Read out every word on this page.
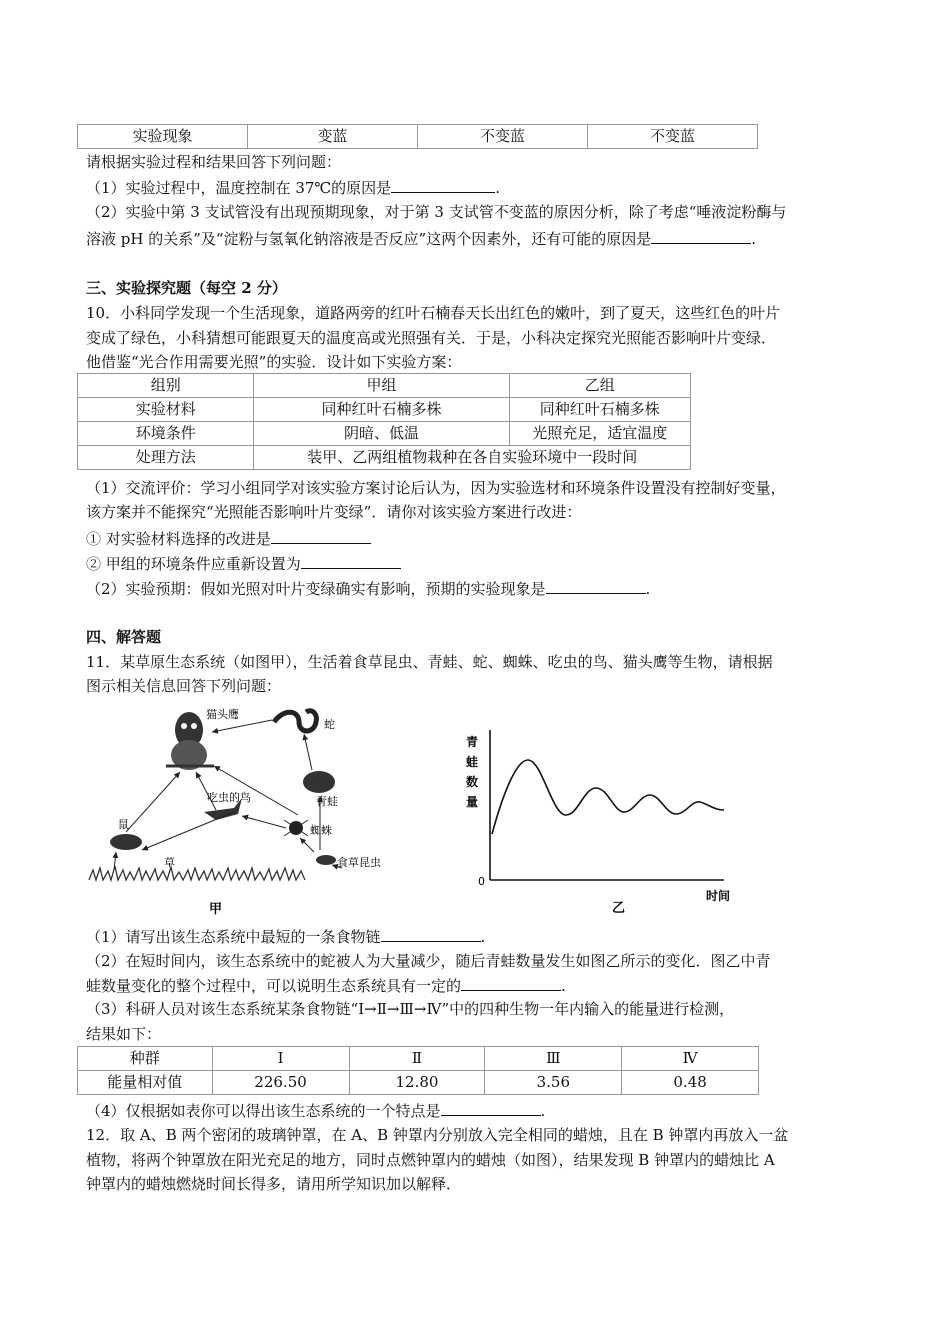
实验现象	变蓝	不变蓝	不变蓝
请根据实验过程和结果回答下列问题：
（1）实验过程中，温度控制在 37℃的原因是	.
（2）实验中第 3 支试管没有出现预期现象，对于第 3 支试管不变蓝的原因分析，除了考虑“唾液淀粉酶与
溶液 pH 的关系”及“淀粉与氢氧化钠溶液是否反应”这两个因素外，还有可能的原因是	.
三、实验探究题（每空 2 分）
10．小科同学发现一个生活现象，道路两旁的红叶石楠春天长出红色的嫩叶，到了夏天，这些红色的叶片
变成了绿色，小科猜想可能跟夏天的温度高或光照强有关．于是，小科决定探究光照能否影响叶片变绿．
他借鉴“光合作用需要光照”的实验．设计如下实验方案：
组别	甲组	乙组
实验材料	同种红叶石楠多株	同种红叶石楠多株
环境条件	阴暗、低温	光照充足，适宜温度
处理方法	装甲、乙两组植物栽种在各自实验环境中一段时间	
（1）交流评价：学习小组同学对该实验方案讨论后认为，因为实验选材和环境条件设置没有控制好变量，
该方案并不能探究“光照能否影响叶片变绿”．请你对该实验方案进行改进：
① 对实验材料选择的改进是
② 甲组的环境条件应重新设置为
（2）实验预期：假如光照对叶片变绿确实有影响，预期的实验现象是	.
四、解答题
11．某草原生态系统（如图甲），生活着食草昆虫、青蛙、蛇、蜘蛛、吃虫的鸟、猫头鹰等生物，请根据
图示相关信息回答下列问题：
猫头鹰
蛇
青蛙
吃虫的鸟
蜘蛛
鼠
食草昆虫
草
甲
青
蛙
数
量
0
时间
乙
（1）请写出该生态系统中最短的一条食物链	.
（2）在短时间内，该生态系统中的蛇被人为大量减少，随后青蛙数量发生如图乙所示的变化．图乙中青
蛙数量变化的整个过程中，可以说明生态系统具有一定的	.
（3）科研人员对该生态系统某条食物链“Ⅰ→Ⅱ→Ⅲ→Ⅳ”中的四种生物一年内输入的能量进行检测，
结果如下：
种群	Ⅰ	Ⅱ	Ⅲ	Ⅳ
能量相对值	226.50	12.80	3.56	0.48
（4）仅根据如表你可以得出该生态系统的一个特点是	.
12．取 A、B 两个密闭的玻璃钟罩，在 A、B 钟罩内分别放入完全相同的蜡烛，且在 B 钟罩内再放入一盆
植物，将两个钟罩放在阳光充足的地方，同时点燃钟罩内的蜡烛（如图），结果发现 B 钟罩内的蜡烛比 A
钟罩内的蜡烛燃烧时间长得多，请用所学知识加以解释．
